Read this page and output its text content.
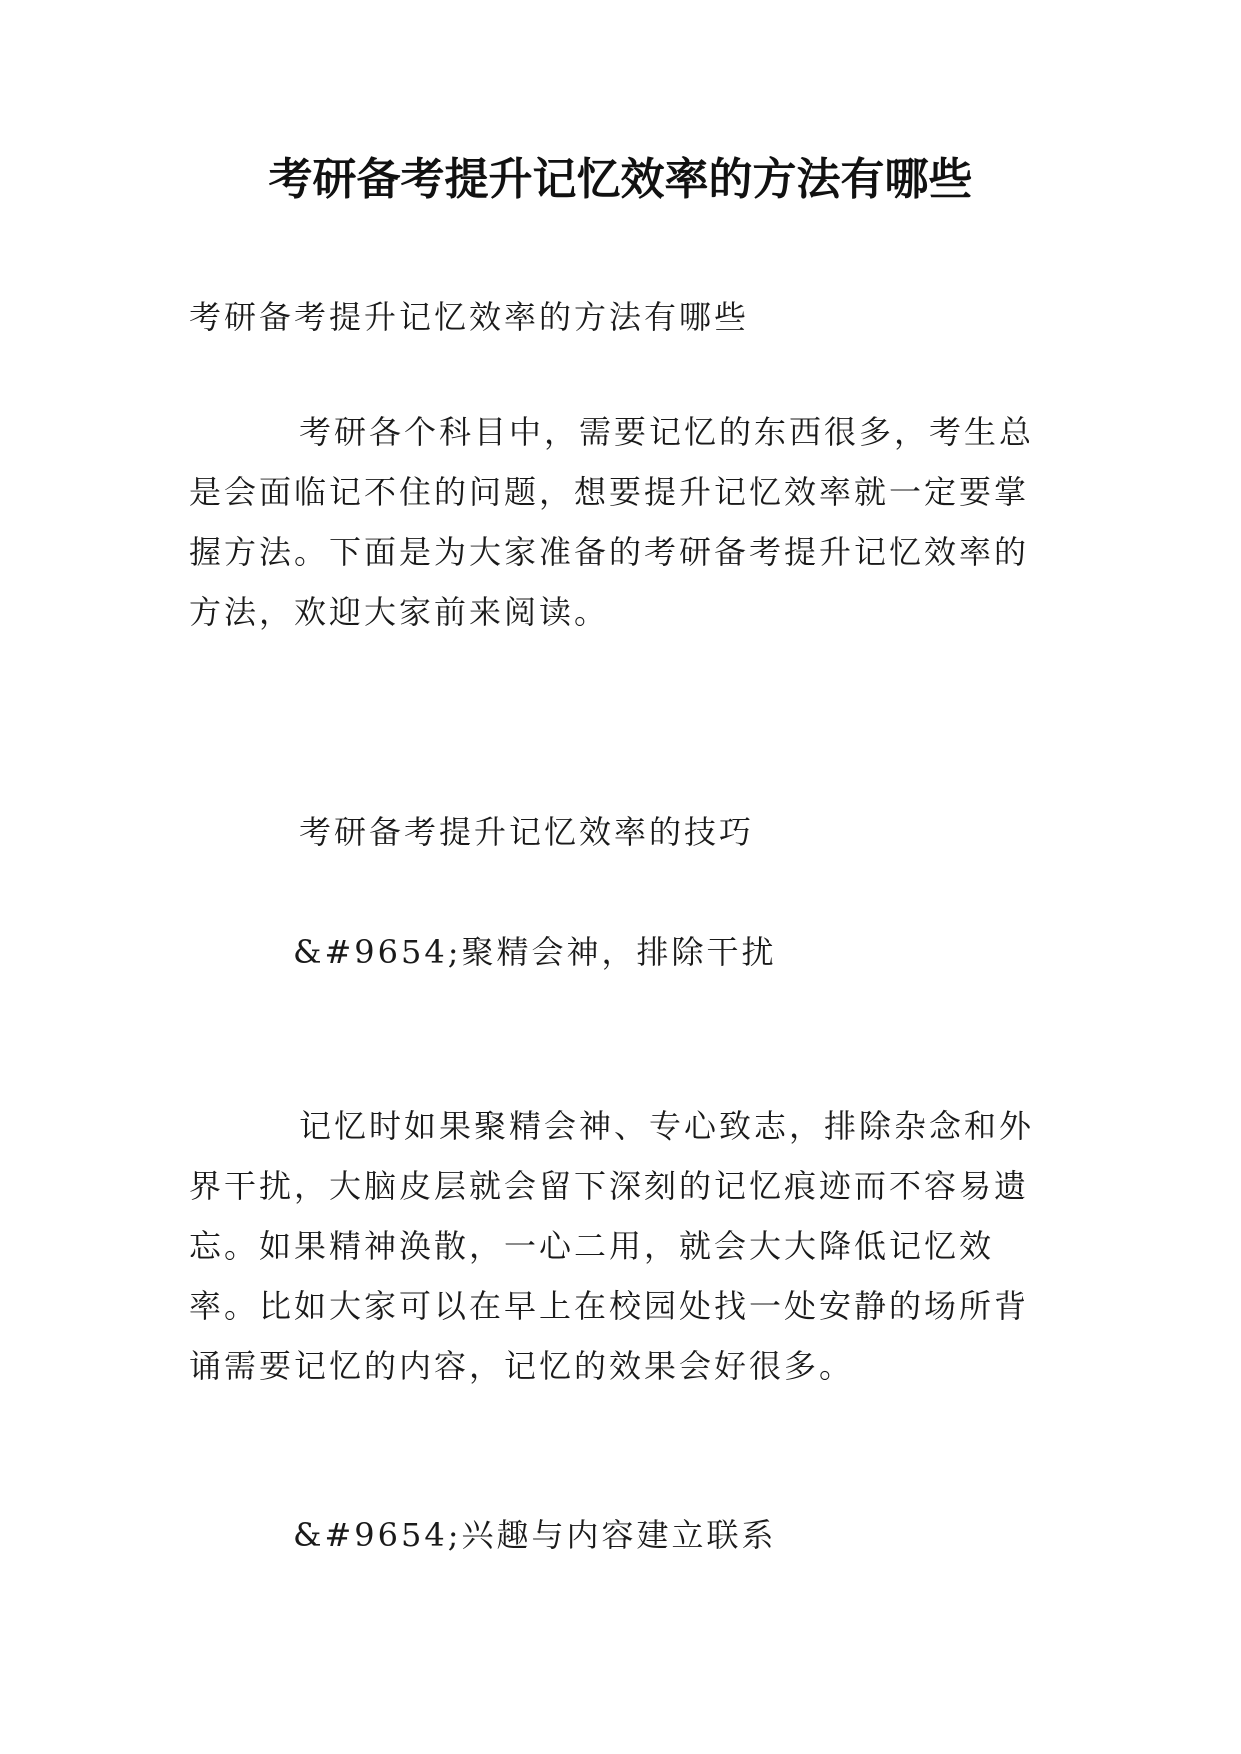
考研备考提升记忆效率的方法有哪些

考研备考提升记忆效率的方法有哪些

考研各个科目中，需要记忆的东西很多，考生总是会面临记不住的问题，想要提升记忆效率就一定要掌握方法。下面是为大家准备的考研备考提升记忆效率的方法，欢迎大家前来阅读。

考研备考提升记忆效率的技巧

&#9654;聚精会神，排除干扰

记忆时如果聚精会神、专心致志，排除杂念和外界干扰，大脑皮层就会留下深刻的记忆痕迹而不容易遗忘。如果精神涣散，一心二用，就会大大降低记忆效率。比如大家可以在早上在校园处找一处安静的场所背诵需要记忆的内容，记忆的效果会好很多。

&#9654;兴趣与内容建立联系
